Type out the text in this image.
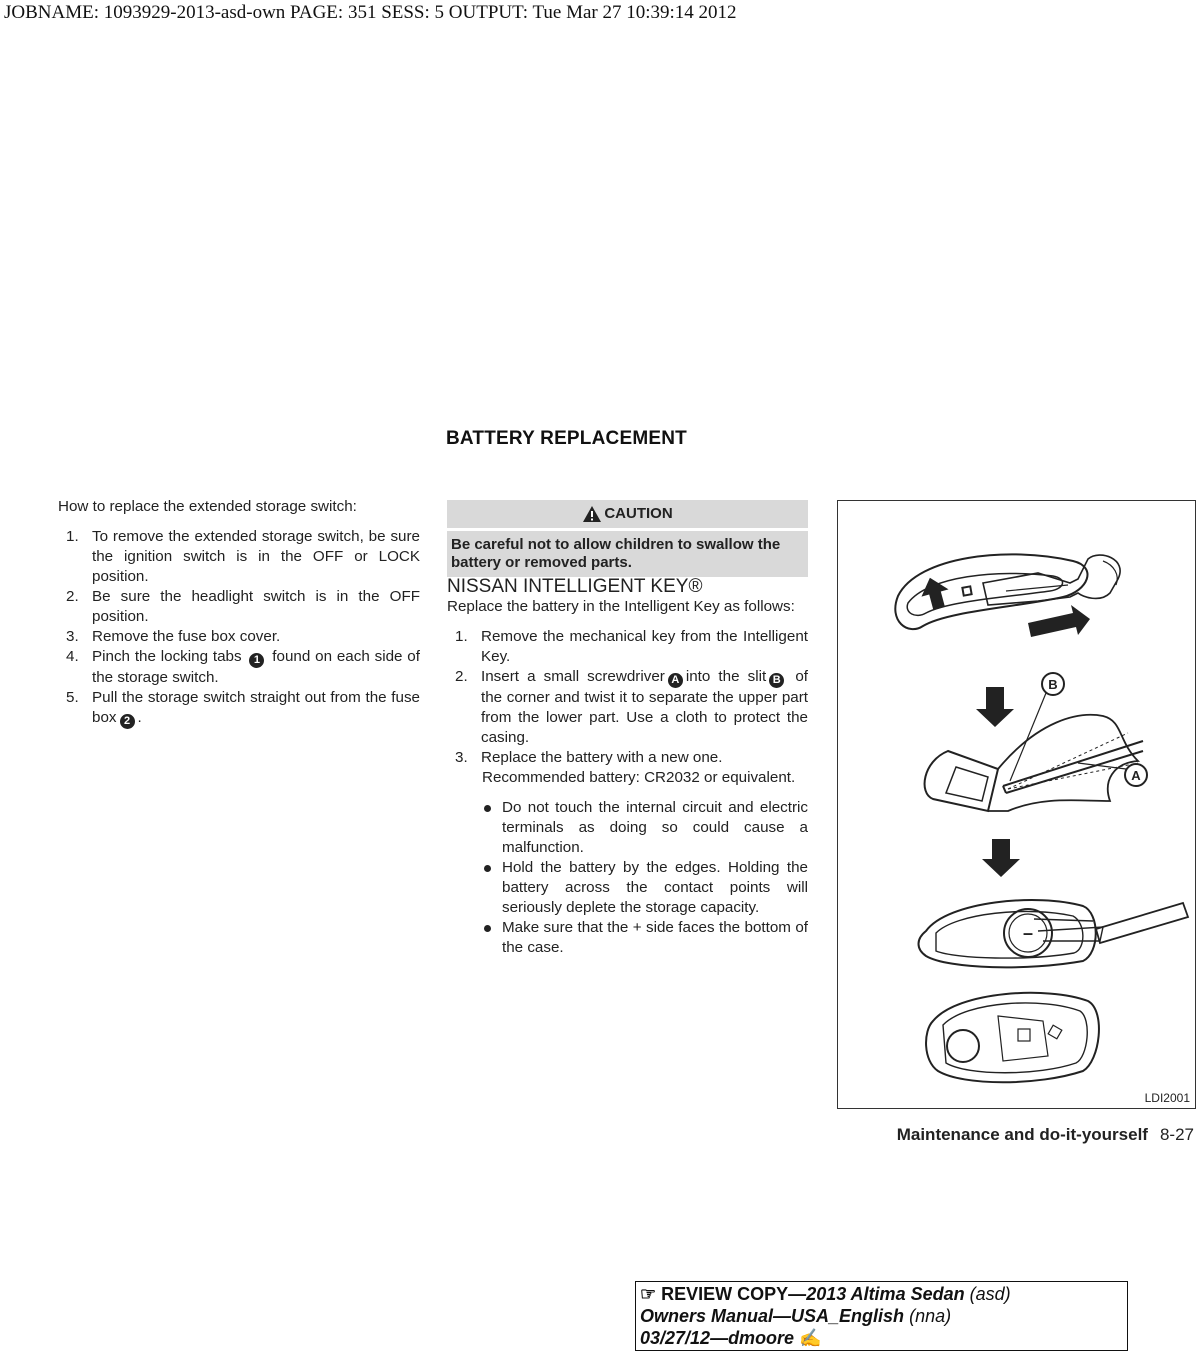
JOBNAME: 1093929-2013-asd-own PAGE: 351 SESS: 5 OUTPUT: Tue Mar 27 10:39:14 2012
BATTERY REPLACEMENT

How to replace the extended storage switch:

1. To remove the extended storage switch, be sure the ignition switch is in the OFF or LOCK position.

2. Be sure the headlight switch is in the OFF position.

3. Remove the fuse box cover.

4. Pinch the locking tabs 1 found on each side of the storage switch.

5. Pull the storage switch straight out from the fuse box 2 .

CAUTION
Be careful not to allow children to swallow the battery or removed parts.

NISSAN INTELLIGENT KEY®

Replace the battery in the Intelligent Key as follows:

1. Remove the mechanical key from the Intelligent Key.

2. Insert a small screwdriver A into the slit B of the corner and twist it to separate the upper part from the lower part. Use a cloth to protect the casing.

3. Replace the battery with a new one.

Recommended battery: CR2032 or equivalent.

Do not touch the internal circuit and electric terminals as doing so could cause a malfunction.

Hold the battery by the edges. Holding the battery across the contact points will seriously deplete the storage capacity.

Make sure that the + side faces the bottom of the case.

B
A
–
LDI2001
Maintenance and do-it-yourself 8-27
☞ REVIEW COPY—2013 Altima Sedan (asd)
Owners Manual—USA_English (nna)
03/27/12—dmoore ✍
